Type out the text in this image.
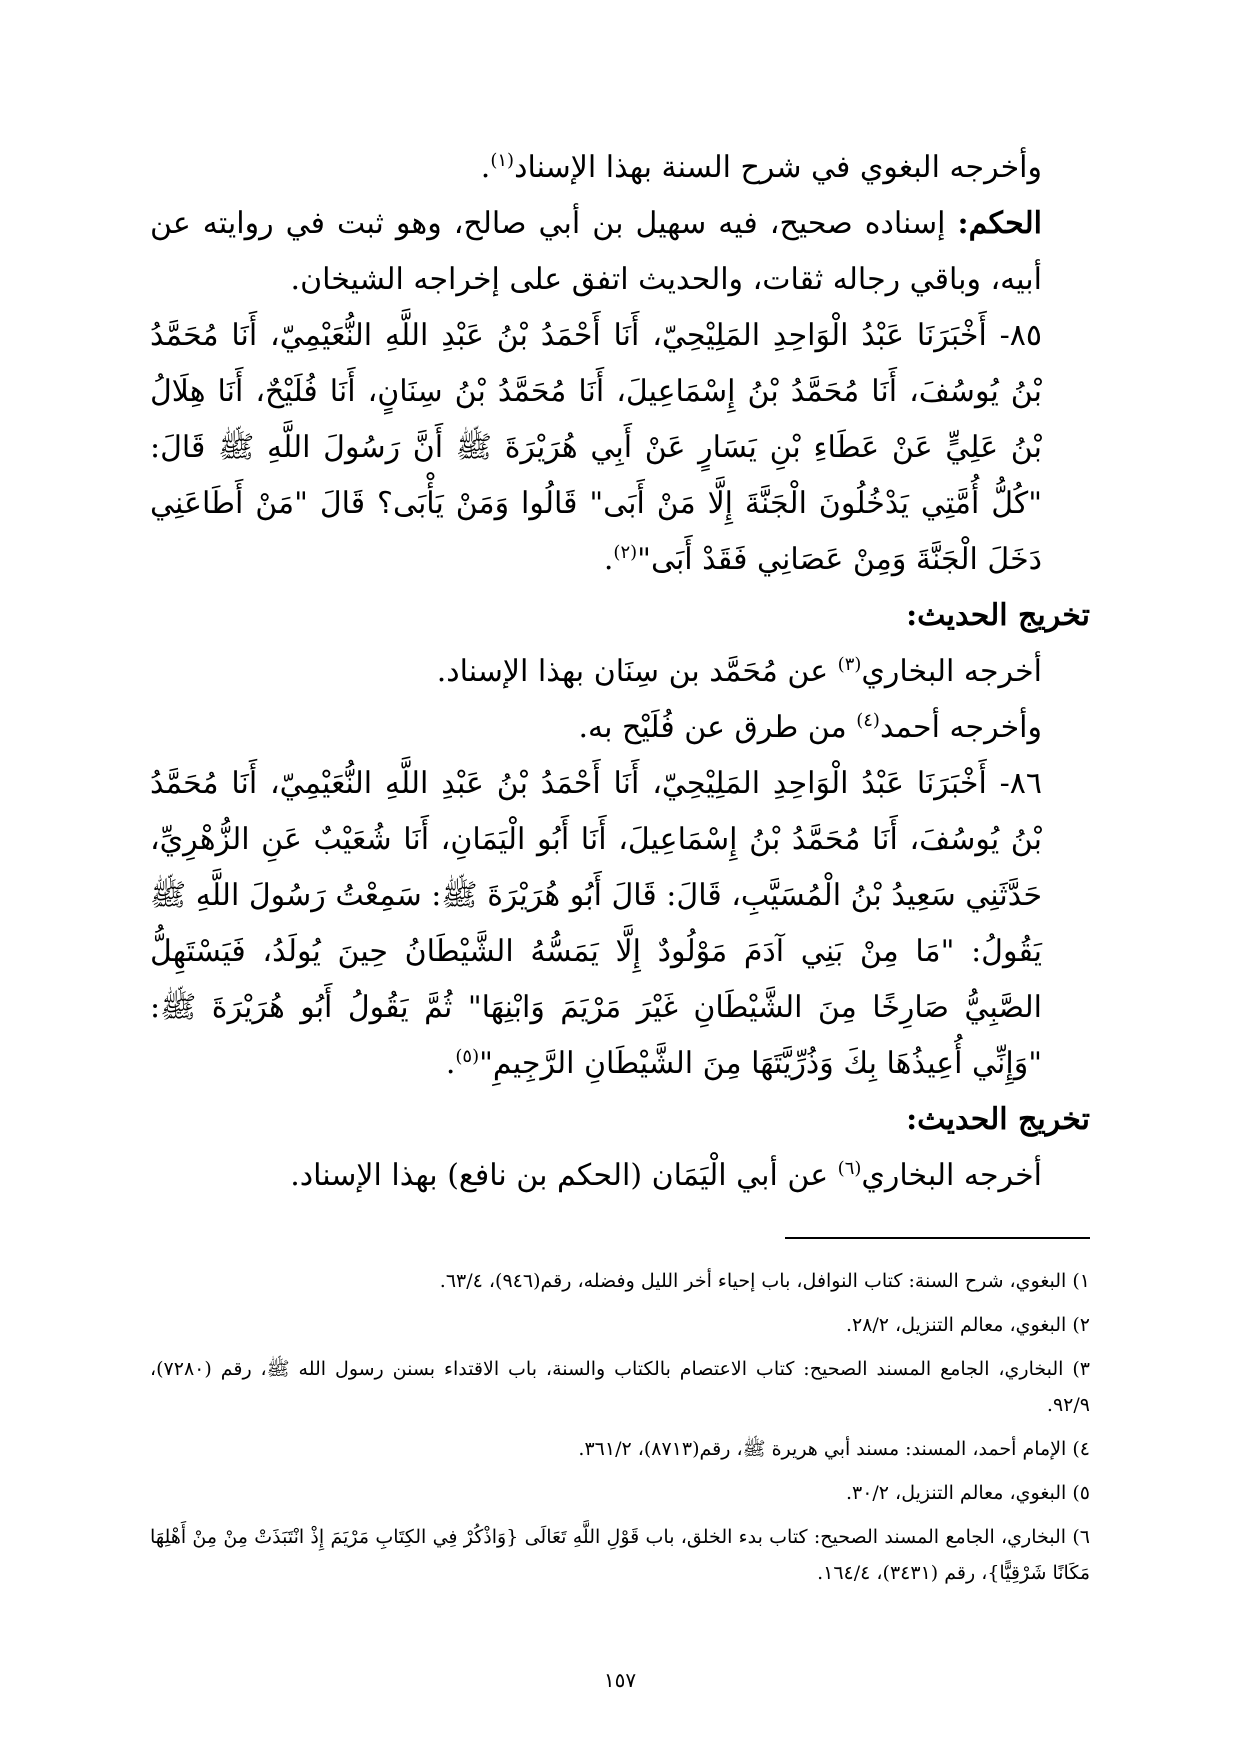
وأخرجه البغوي في شرح السنة بهذا الإسناد$^{(١)}$.

الحكم: إسناده صحيح، فيه سهيل بن أبي صالح، وهو ثبت في روايته عن أبيه، وباقي رجاله ثقات، والحديث اتفق على إخراجه الشيخان.

٨٥- أَخْبَرَنَا عَبْدُ الْوَاحِدِ المَلِيْحِيّ، أَنَا أَحْمَدُ بْنُ عَبْدِ اللَّهِ النُّعَيْمِيّ، أَنَا مُحَمَّدُ بْنُ يُوسُفَ، أَنَا مُحَمَّدُ بْنُ إِسْمَاعِيلَ، أَنَا مُحَمَّدُ بْنُ سِنَانٍ، أَنَا فُلَيْحٌ، أَنَا هِلَالُ بْنُ عَلِيٍّ عَنْ عَطَاءِ بْنِ يَسَارٍ عَنْ أَبِي هُرَيْرَةَ ﷺ أَنَّ رَسُولَ اللَّهِ ﷺ قَالَ: "كُلُّ أُمَّتِي يَدْخُلُونَ الْجَنَّةَ إِلَّا مَنْ أَبَى" قَالُوا وَمَنْ يَأْبَى؟ قَالَ "مَنْ أَطَاعَنِي دَخَلَ الْجَنَّةَ وَمِنْ عَصَانِي فَقَدْ أَبَى"$^{(٢)}$.

تخريج الحديث:

أخرجه البخاري$^{(٣)}$ عن مُحَمَّد بن سِنَان بهذا الإسناد.

وأخرجه أحمد$^{(٤)}$ من طرق عن فُلَيْح به.

٨٦- أَخْبَرَنَا عَبْدُ الْوَاحِدِ المَلِيْحِيّ، أَنَا أَحْمَدُ بْنُ عَبْدِ اللَّهِ النُّعَيْمِيّ، أَنَا مُحَمَّدُ بْنُ يُوسُفَ، أَنَا مُحَمَّدُ بْنُ إِسْمَاعِيلَ، أَنَا أَبُو الْيَمَانِ، أَنَا شُعَيْبٌ عَنِ الزُّهْرِيِّ، حَدَّثَنِي سَعِيدُ بْنُ الْمُسَيَّبِ، قَالَ: قَالَ أَبُو هُرَيْرَةَ ﷺ: سَمِعْتُ رَسُولَ اللَّهِ ﷺ يَقُولُ: "مَا مِنْ بَنِي آدَمَ مَوْلُودٌ إِلَّا يَمَسُّهُ الشَّيْطَانُ حِينَ يُولَدُ، فَيَسْتَهِلُّ الصَّبِيُّ صَارِخًا مِنَ الشَّيْطَانِ غَيْرَ مَرْيَمَ وَابْنِهَا" ثُمَّ يَقُولُ أَبُو هُرَيْرَةَ ﷺ: "وَإِنِّي أُعِيذُهَا بِكَ وَذُرِّيَّتَهَا مِنَ الشَّيْطَانِ الرَّجِيمِ"$^{(٥)}$.

تخريج الحديث:

أخرجه البخاري$^{(٦)}$ عن أبي الْيَمَان (الحكم بن نافع) بهذا الإسناد.

١) البغوي، شرح السنة: كتاب النوافل، باب إحياء أخر الليل وفضله، رقم(٩٤٦)، ٦٣/٤.

٢) البغوي، معالم التنزيل، ٢٨/٢.

٣) البخاري، الجامع المسند الصحيح: كتاب الاعتصام بالكتاب والسنة، باب الاقتداء بسنن رسول الله ﷺ، رقم (٧٢٨٠)، ٩٢/٩.

٤) الإمام أحمد، المسند: مسند أبي هريرة ﷺ، رقم(٨٧١٣)، ٣٦١/٢.

٥) البغوي، معالم التنزيل، ٣٠/٢.

٦) البخاري، الجامع المسند الصحيح: كتاب بدء الخلق، باب قَوْلِ اللَّهِ تَعَالَى {وَاذْكُرْ فِي الكِتَابِ مَرْيَمَ إِذْ انْتَبَذَتْ مِنْ مِنْ أَهْلِهَا مَكَانًا شَرْقِيًّا}، رقم (٣٤٣١)، ١٦٤/٤.

١٥٧
